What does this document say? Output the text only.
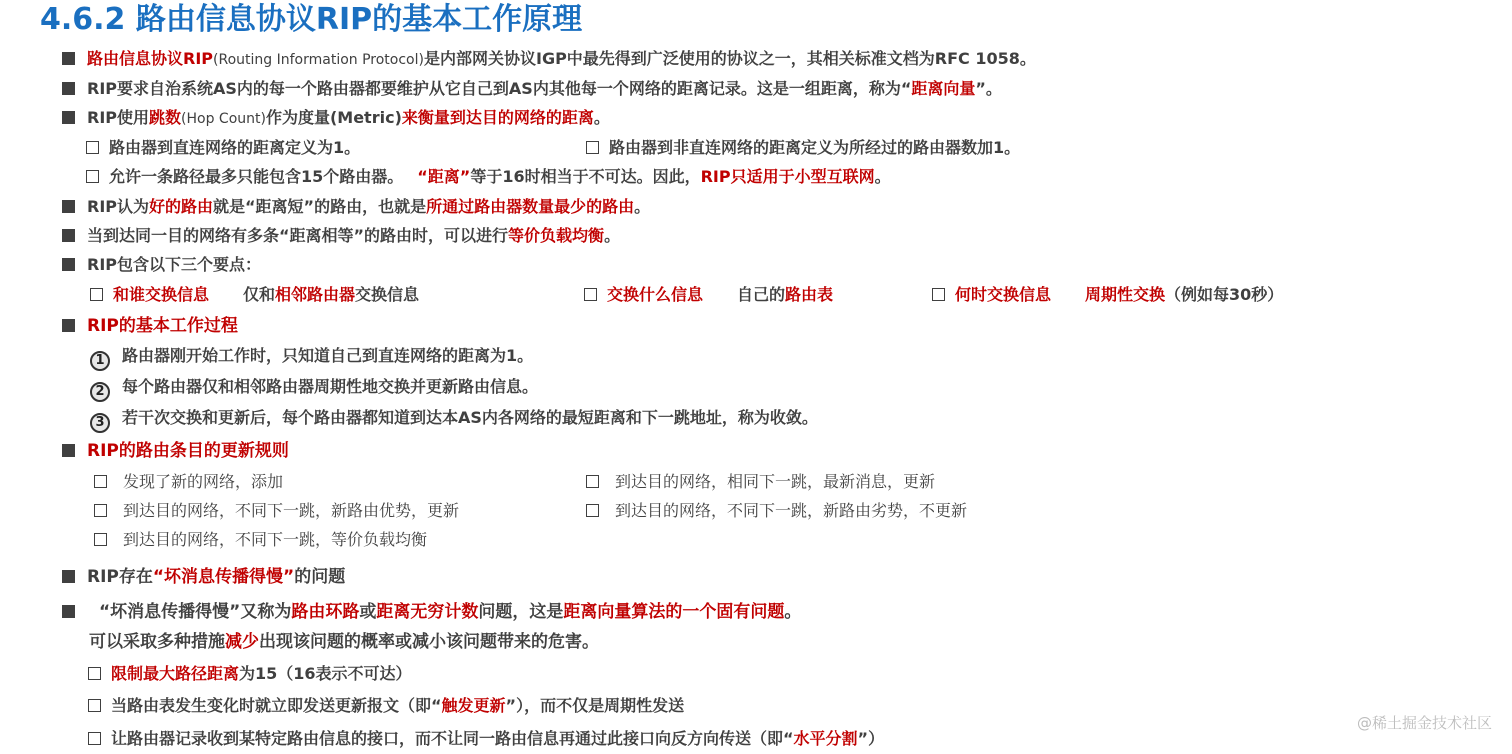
4.6.2 路由信息协议RIP的基本工作原理
路由信息协议RIP(Routing Information Protocol)是内部网关协议IGP中最先得到广泛使用的协议之一，其相关标准文档为RFC 1058。
RIP要求自治系统AS内的每一个路由器都要维护从它自己到AS内其他每一个网络的距离记录。这是一组距离，称为“距离向量”。
RIP使用跳数(Hop Count)作为度量(Metric)来衡量到达目的网络的距离。
路由器到直连网络的距离定义为1。	路由器到非直连网络的距离定义为所经过的路由器数加1。
允许一条路径最多只能包含15个路由器。 “距离”等于16时相当于不可达。因此，RIP只适用于小型互联网。
RIP认为好的路由就是“距离短”的路由，也就是所通过路由器数量最少的路由。
当到达同一目的网络有多条“距离相等”的路由时，可以进行等价负载均衡。
RIP包含以下三个要点：
和谁交换信息 仅和相邻路由器交换信息	交换什么信息 自己的路由表	何时交换信息 周期性交换（例如每30秒）
RIP的基本工作过程
1 路由器刚开始工作时，只知道自己到直连网络的距离为1。
2 每个路由器仅和相邻路由器周期性地交换并更新路由信息。
3 若干次交换和更新后，每个路由器都知道到达本AS内各网络的最短距离和下一跳地址，称为收敛。
RIP的路由条目的更新规则
发现了新的网络，添加	到达目的网络，相同下一跳，最新消息，更新
到达目的网络，不同下一跳，新路由优势，更新	到达目的网络，不同下一跳，新路由劣势，不更新
到达目的网络，不同下一跳，等价负载均衡
RIP存在“坏消息传播得慢”的问题
“坏消息传播得慢”又称为路由环路或距离无穷计数问题，这是距离向量算法的一个固有问题。
可以采取多种措施减少出现该问题的概率或减小该问题带来的危害。
限制最大路径距离为15（16表示不可达）
当路由表发生变化时就立即发送更新报文（即“触发更新”），而不仅是周期性发送
让路由器记录收到某特定路由信息的接口，而不让同一路由信息再通过此接口向反方向传送（即“水平分割”）
@稀土掘金技术社区
